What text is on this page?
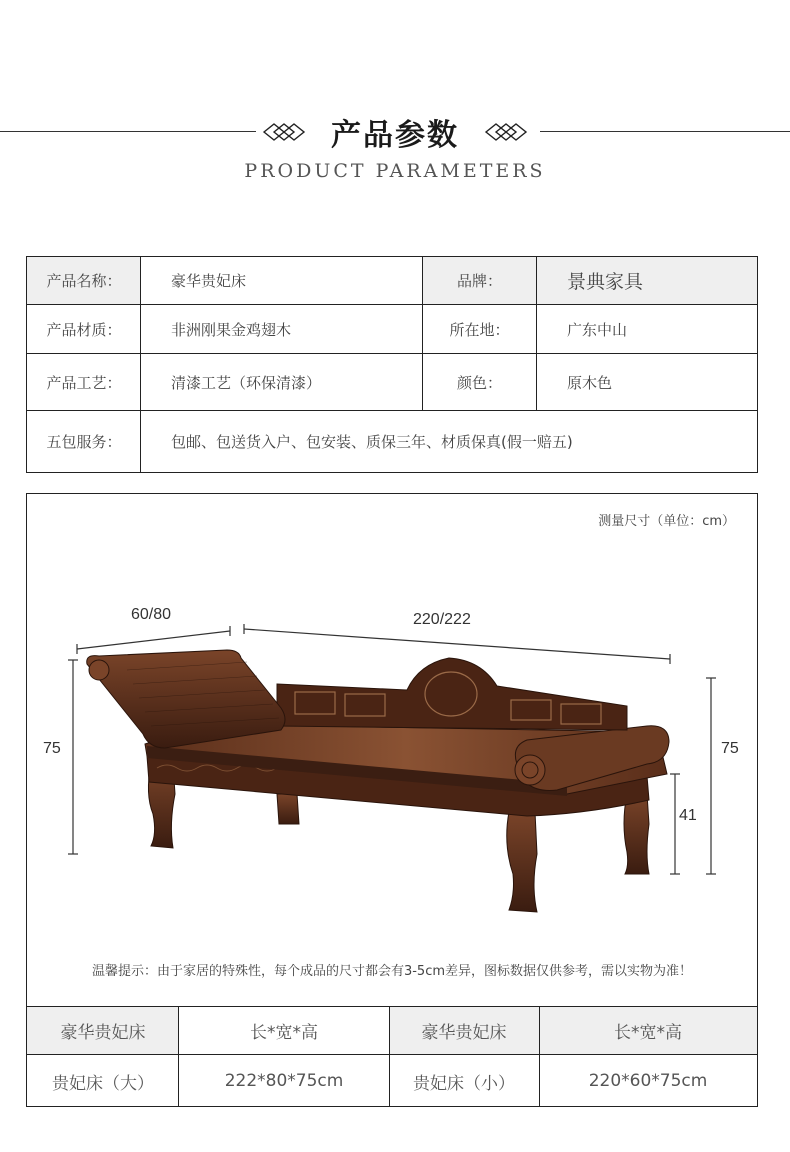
产品参数
PRODUCT PARAMETERS
产品名称：	豪华贵妃床	品牌：	景典家具
产品材质：	非洲刚果金鸡翅木	所在地：	广东中山
产品工艺：	清漆工艺（环保清漆）	颜色：	原木色
五包服务：	包邮、包送货入户、包安装、质保三年、材质保真(假一赔五)
测量尺寸（单位：cm）
60/80	220/222
75	75
41
温馨提示：由于家居的特殊性，每个成品的尺寸都会有3-5cm差异，图标数据仅供参考，需以实物为准！
豪华贵妃床	长*宽*高	豪华贵妃床	长*宽*高
贵妃床（大）	222*80*75cm	贵妃床（小）	220*60*75cm
